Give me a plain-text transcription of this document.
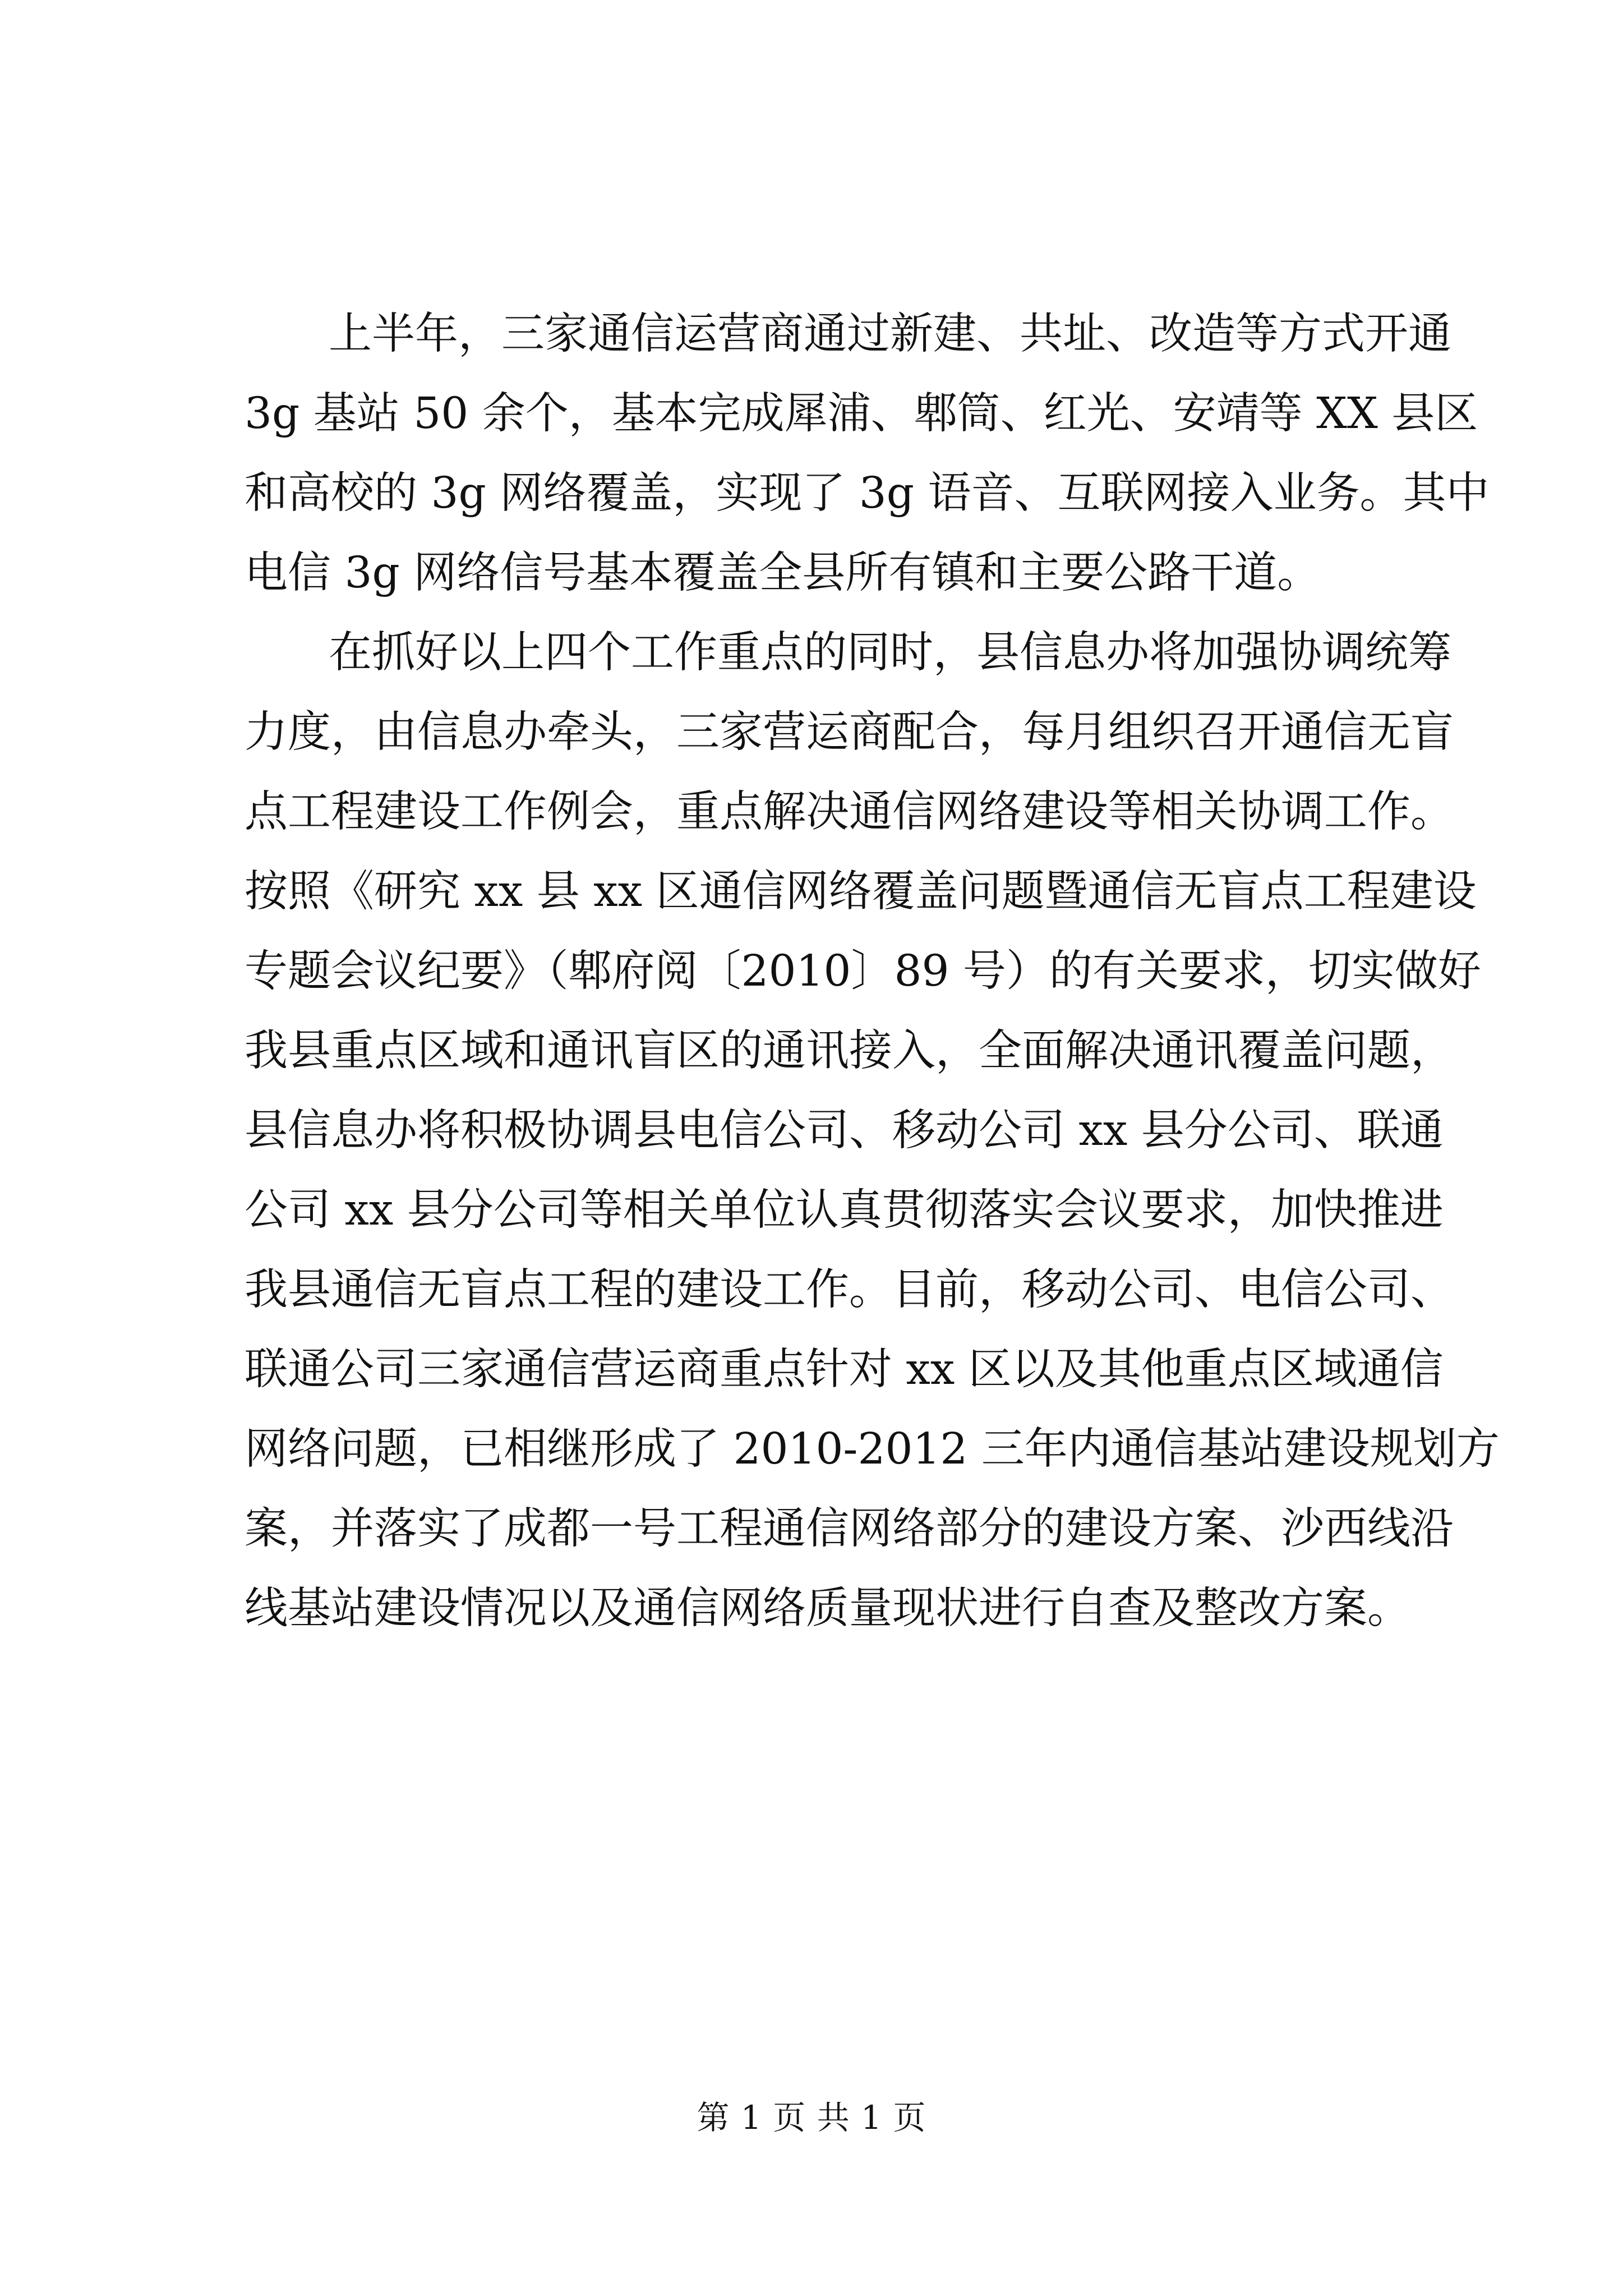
上半年，三家通信运营商通过新建、共址、改造等方式开通
3g 基站 50 余个，基本完成犀浦、郫筒、红光、安靖等 XX 县区
和高校的 3g 网络覆盖，实现了 3g 语音、互联网接入业务。其中
电信 3g 网络信号基本覆盖全县所有镇和主要公路干道。
在抓好以上四个工作重点的同时，县信息办将加强协调统筹
力度，由信息办牵头，三家营运商配合，每月组织召开通信无盲
点工程建设工作例会，重点解决通信网络建设等相关协调工作。
按照《研究 xx 县 xx 区通信网络覆盖问题暨通信无盲点工程建设
专题会议纪要》（郫府阅〔2010〕89 号）的有关要求，切实做好
我县重点区域和通讯盲区的通讯接入，全面解决通讯覆盖问题，
县信息办将积极协调县电信公司、移动公司 xx 县分公司、联通
公司 xx 县分公司等相关单位认真贯彻落实会议要求，加快推进
我县通信无盲点工程的建设工作。目前，移动公司、电信公司、
联通公司三家通信营运商重点针对 xx 区以及其他重点区域通信
网络问题，已相继形成了 2010-2012 三年内通信基站建设规划方
案，并落实了成都一号工程通信网络部分的建设方案、沙西线沿
线基站建设情况以及通信网络质量现状进行自查及整改方案。
第 1 页 共 1 页
